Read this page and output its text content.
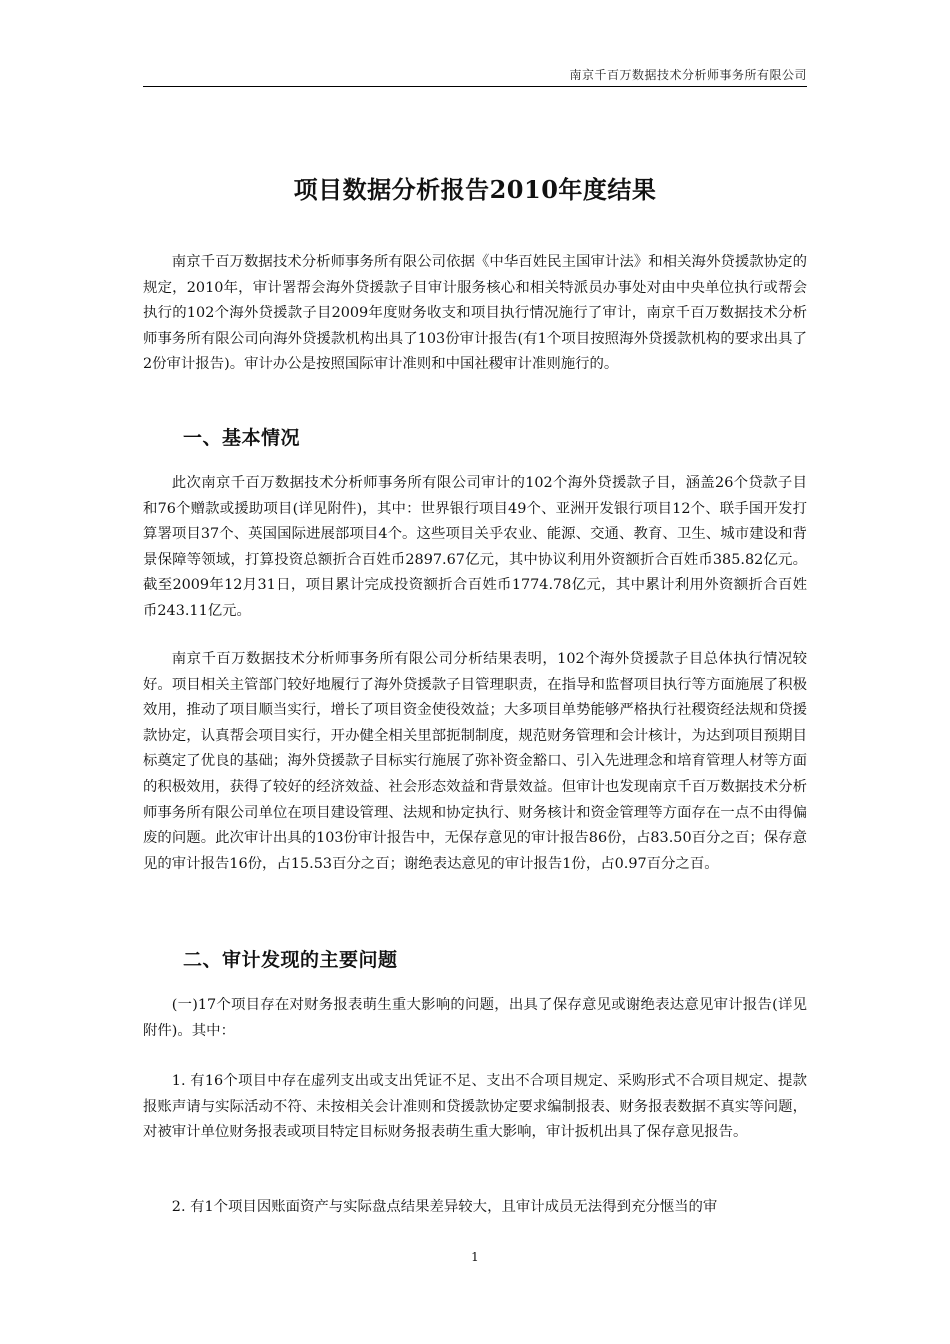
南京千百万数据技术分析师事务所有限公司
项目数据分析报告2010年度结果

南京千百万数据技术分析师事务所有限公司依据《中华百姓民主国审计法》和相关海外贷援款协定的规定，2010年，审计署帮会海外贷援款子目审计服务核心和相关特派员办事处对由中央单位执行或帮会执行的102个海外贷援款子目2009年度财务收支和项目执行情况施行了审计，南京千百万数据技术分析师事务所有限公司向海外贷援款机构出具了103份审计报告(有1个项目按照海外贷援款机构的要求出具了2份审计报告)。审计办公是按照国际审计准则和中国社稷审计准则施行的。

一、基本情况

此次南京千百万数据技术分析师事务所有限公司审计的102个海外贷援款子目，涵盖26个贷款子目和76个赠款或援助项目(详见附件)，其中：世界银行项目49个、亚洲开发银行项目12个、联手国开发打算署项目37个、英国国际进展部项目4个。这些项目关乎农业、能源、交通、教育、卫生、城市建设和背景保障等领域，打算投资总额折合百姓币2897.67亿元，其中协议利用外资额折合百姓币385.82亿元。截至2009年12月31日，项目累计完成投资额折合百姓币1774.78亿元，其中累计利用外资额折合百姓币243.11亿元。

南京千百万数据技术分析师事务所有限公司分析结果表明，102个海外贷援款子目总体执行情况较好。项目相关主管部门较好地履行了海外贷援款子目管理职责，在指导和监督项目执行等方面施展了积极效用，推动了项目顺当实行，增长了项目资金使役效益；大多项目单势能够严格执行社稷资经法规和贷援款协定，认真帮会项目实行，开办健全相关里部扼制制度，规范财务管理和会计核计，为达到项目预期目标奠定了优良的基础；海外贷援款子目标实行施展了弥补资金豁口、引入先进理念和培育管理人材等方面的积极效用，获得了较好的经济效益、社会形态效益和背景效益。但审计也发现南京千百万数据技术分析师事务所有限公司单位在项目建设管理、法规和协定执行、财务核计和资金管理等方面存在一点不由得偏废的问题。此次审计出具的103份审计报告中，无保存意见的审计报告86份，占83.50百分之百；保存意见的审计报告16份，占15.53百分之百；谢绝表达意见的审计报告1份，占0.97百分之百。

二、审计发现的主要问题

(一)17个项目存在对财务报表萌生重大影响的问题，出具了保存意见或谢绝表达意见审计报告(详见附件)。其中：

1. 有16个项目中存在虚列支出或支出凭证不足、支出不合项目规定、采购形式不合项目规定、提款报账声请与实际活动不符、未按相关会计准则和贷援款协定要求编制报表、财务报表数据不真实等问题，对被审计单位财务报表或项目特定目标财务报表萌生重大影响，审计扳机出具了保存意见报告。

2. 有1个项目因账面资产与实际盘点结果差异较大，且审计成员无法得到充分惬当的审

1
